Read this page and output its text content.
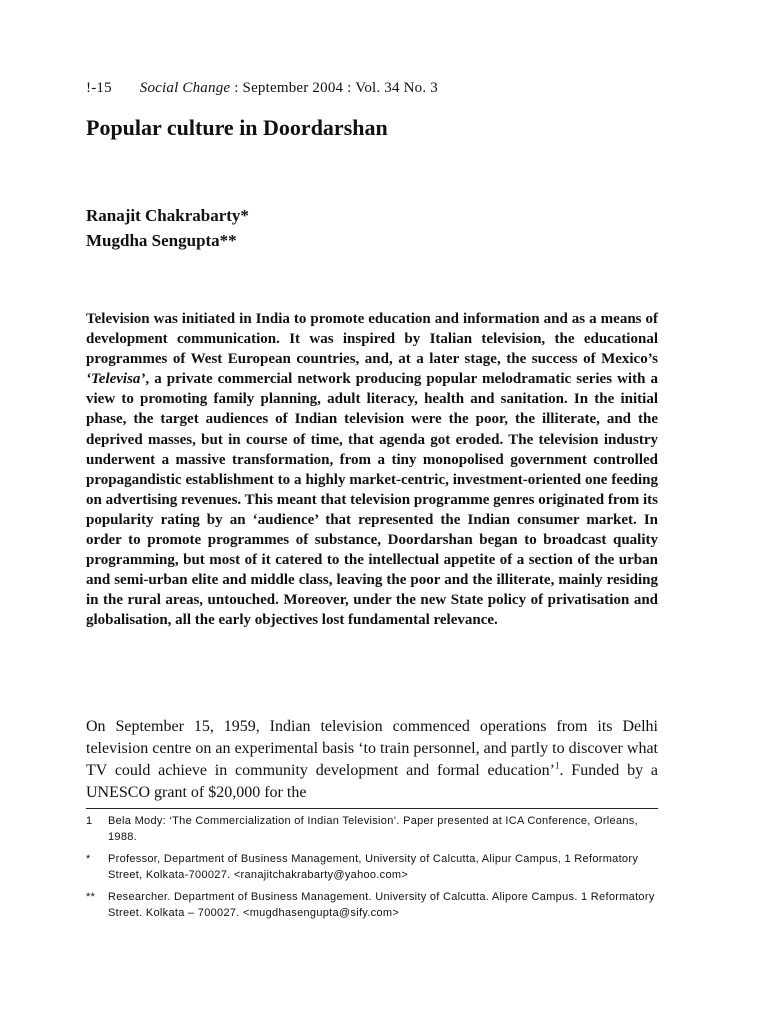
!-15 Social Change : September 2004 : Vol. 34 No. 3
Popular culture in Doordarshan
Ranajit Chakrabarty*
Mugdha Sengupta**

Television was initiated in India to promote education and information and as a means of development communication. It was inspired by Italian television, the educational programmes of West European countries, and, at a later stage, the success of Mexico’s ‘Televisa’, a private commercial network producing popular melodramatic series with a view to promoting family planning, adult literacy, health and sanitation. In the initial phase, the target audiences of Indian television were the poor, the illiterate, and the deprived masses, but in course of time, that agenda got eroded. The television industry underwent a massive transformation, from a tiny monopolised government controlled propagandistic establishment to a highly market-centric, investment-oriented one feeding on advertising revenues. This meant that television programme genres originated from its popularity rating by an ‘audience’ that represented the Indian consumer market. In order to promote programmes of substance, Doordarshan began to broadcast quality programming, but most of it catered to the intellectual appetite of a section of the urban and semi-urban elite and middle class, leaving the poor and the illiterate, mainly residing in the rural areas, untouched. Moreover, under the new State policy of privatisation and globalisation, all the early objectives lost fundamental relevance.

On September 15, 1959, Indian television commenced operations from its Delhi television centre on an experimental basis ‘to train personnel, and partly to discover what TV could achieve in community development and formal education’$^1$. Funded by a UNESCO grant of $20,000 for the

1	Bela Mody: ‘The Commercialization of Indian Television’. Paper presented at ICA Conference, Orleans, 1988.
*	Professor, Department of Business Management, University of Calcutta, Alipur Campus, 1 Reformatory Street, Kolkata-700027. <ranajitchakrabarty@yahoo.com>
**	Researcher. Department of Business Management. University of Calcutta. Alipore Campus. 1 Reformatory Street. Kolkata – 700027. <mugdhasengupta@sify.com>
